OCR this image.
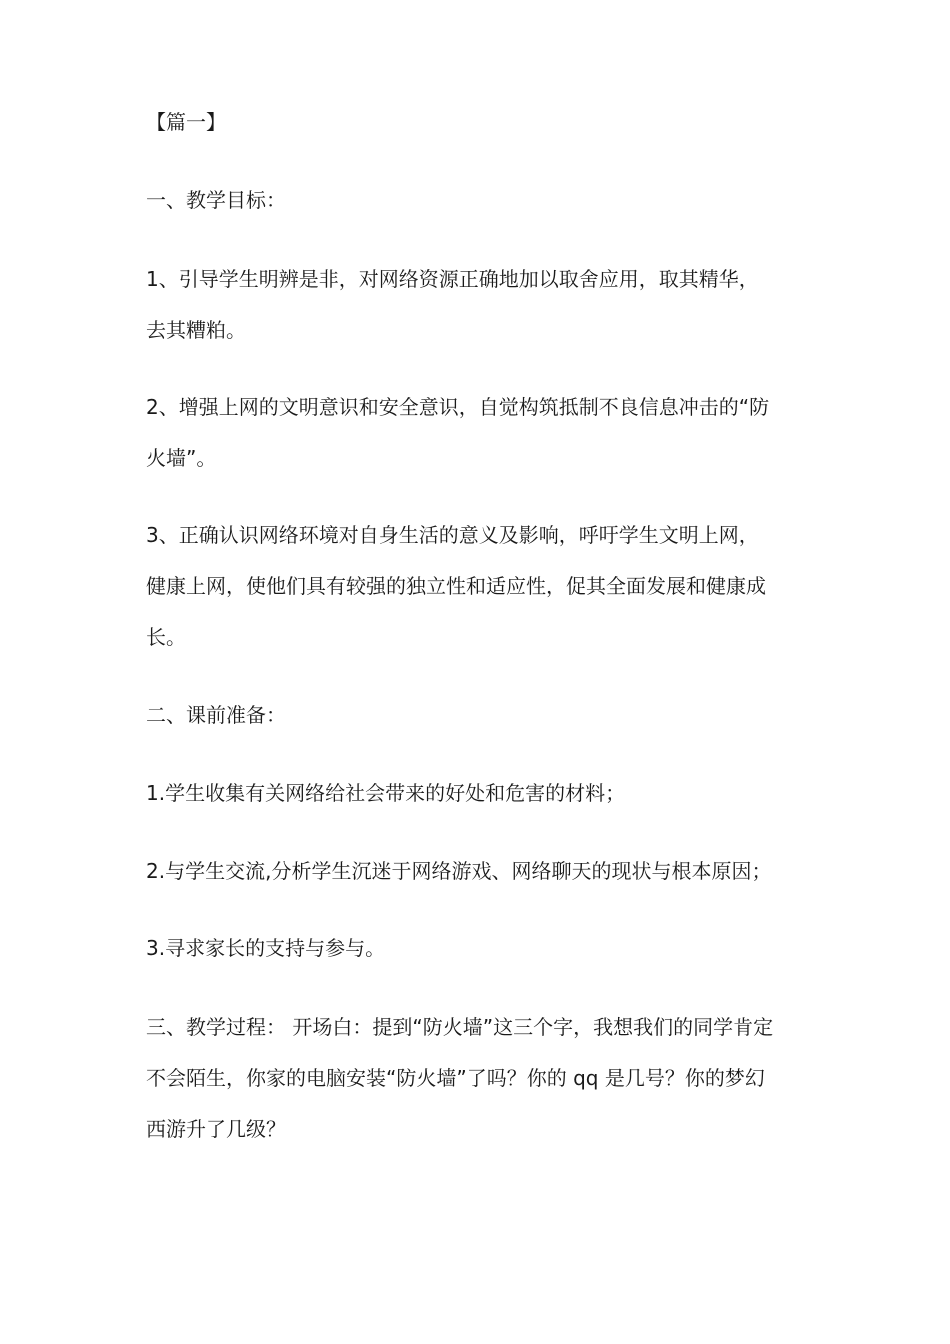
【篇一】
一、教学目标：
1、引导学生明辨是非，对网络资源正确地加以取舍应用，取其精华，
去其糟粕。
2、增强上网的文明意识和安全意识，自觉构筑抵制不良信息冲击的“防
火墙”。
3、正确认识网络环境对自身生活的意义及影响，呼吁学生文明上网，
健康上网，使他们具有较强的独立性和适应性，促其全面发展和健康成
长。
二、课前准备：
1.学生收集有关网络给社会带来的好处和危害的材料；
2.与学生交流,分析学生沉迷于网络游戏、网络聊天的现状与根本原因；
3.寻求家长的支持与参与。
三、教学过程： 开场白：提到“防火墙”这三个字，我想我们的同学肯定
不会陌生，你家的电脑安装“防火墙”了吗？你的 qq 是几号？你的梦幻
西游升了几级？
